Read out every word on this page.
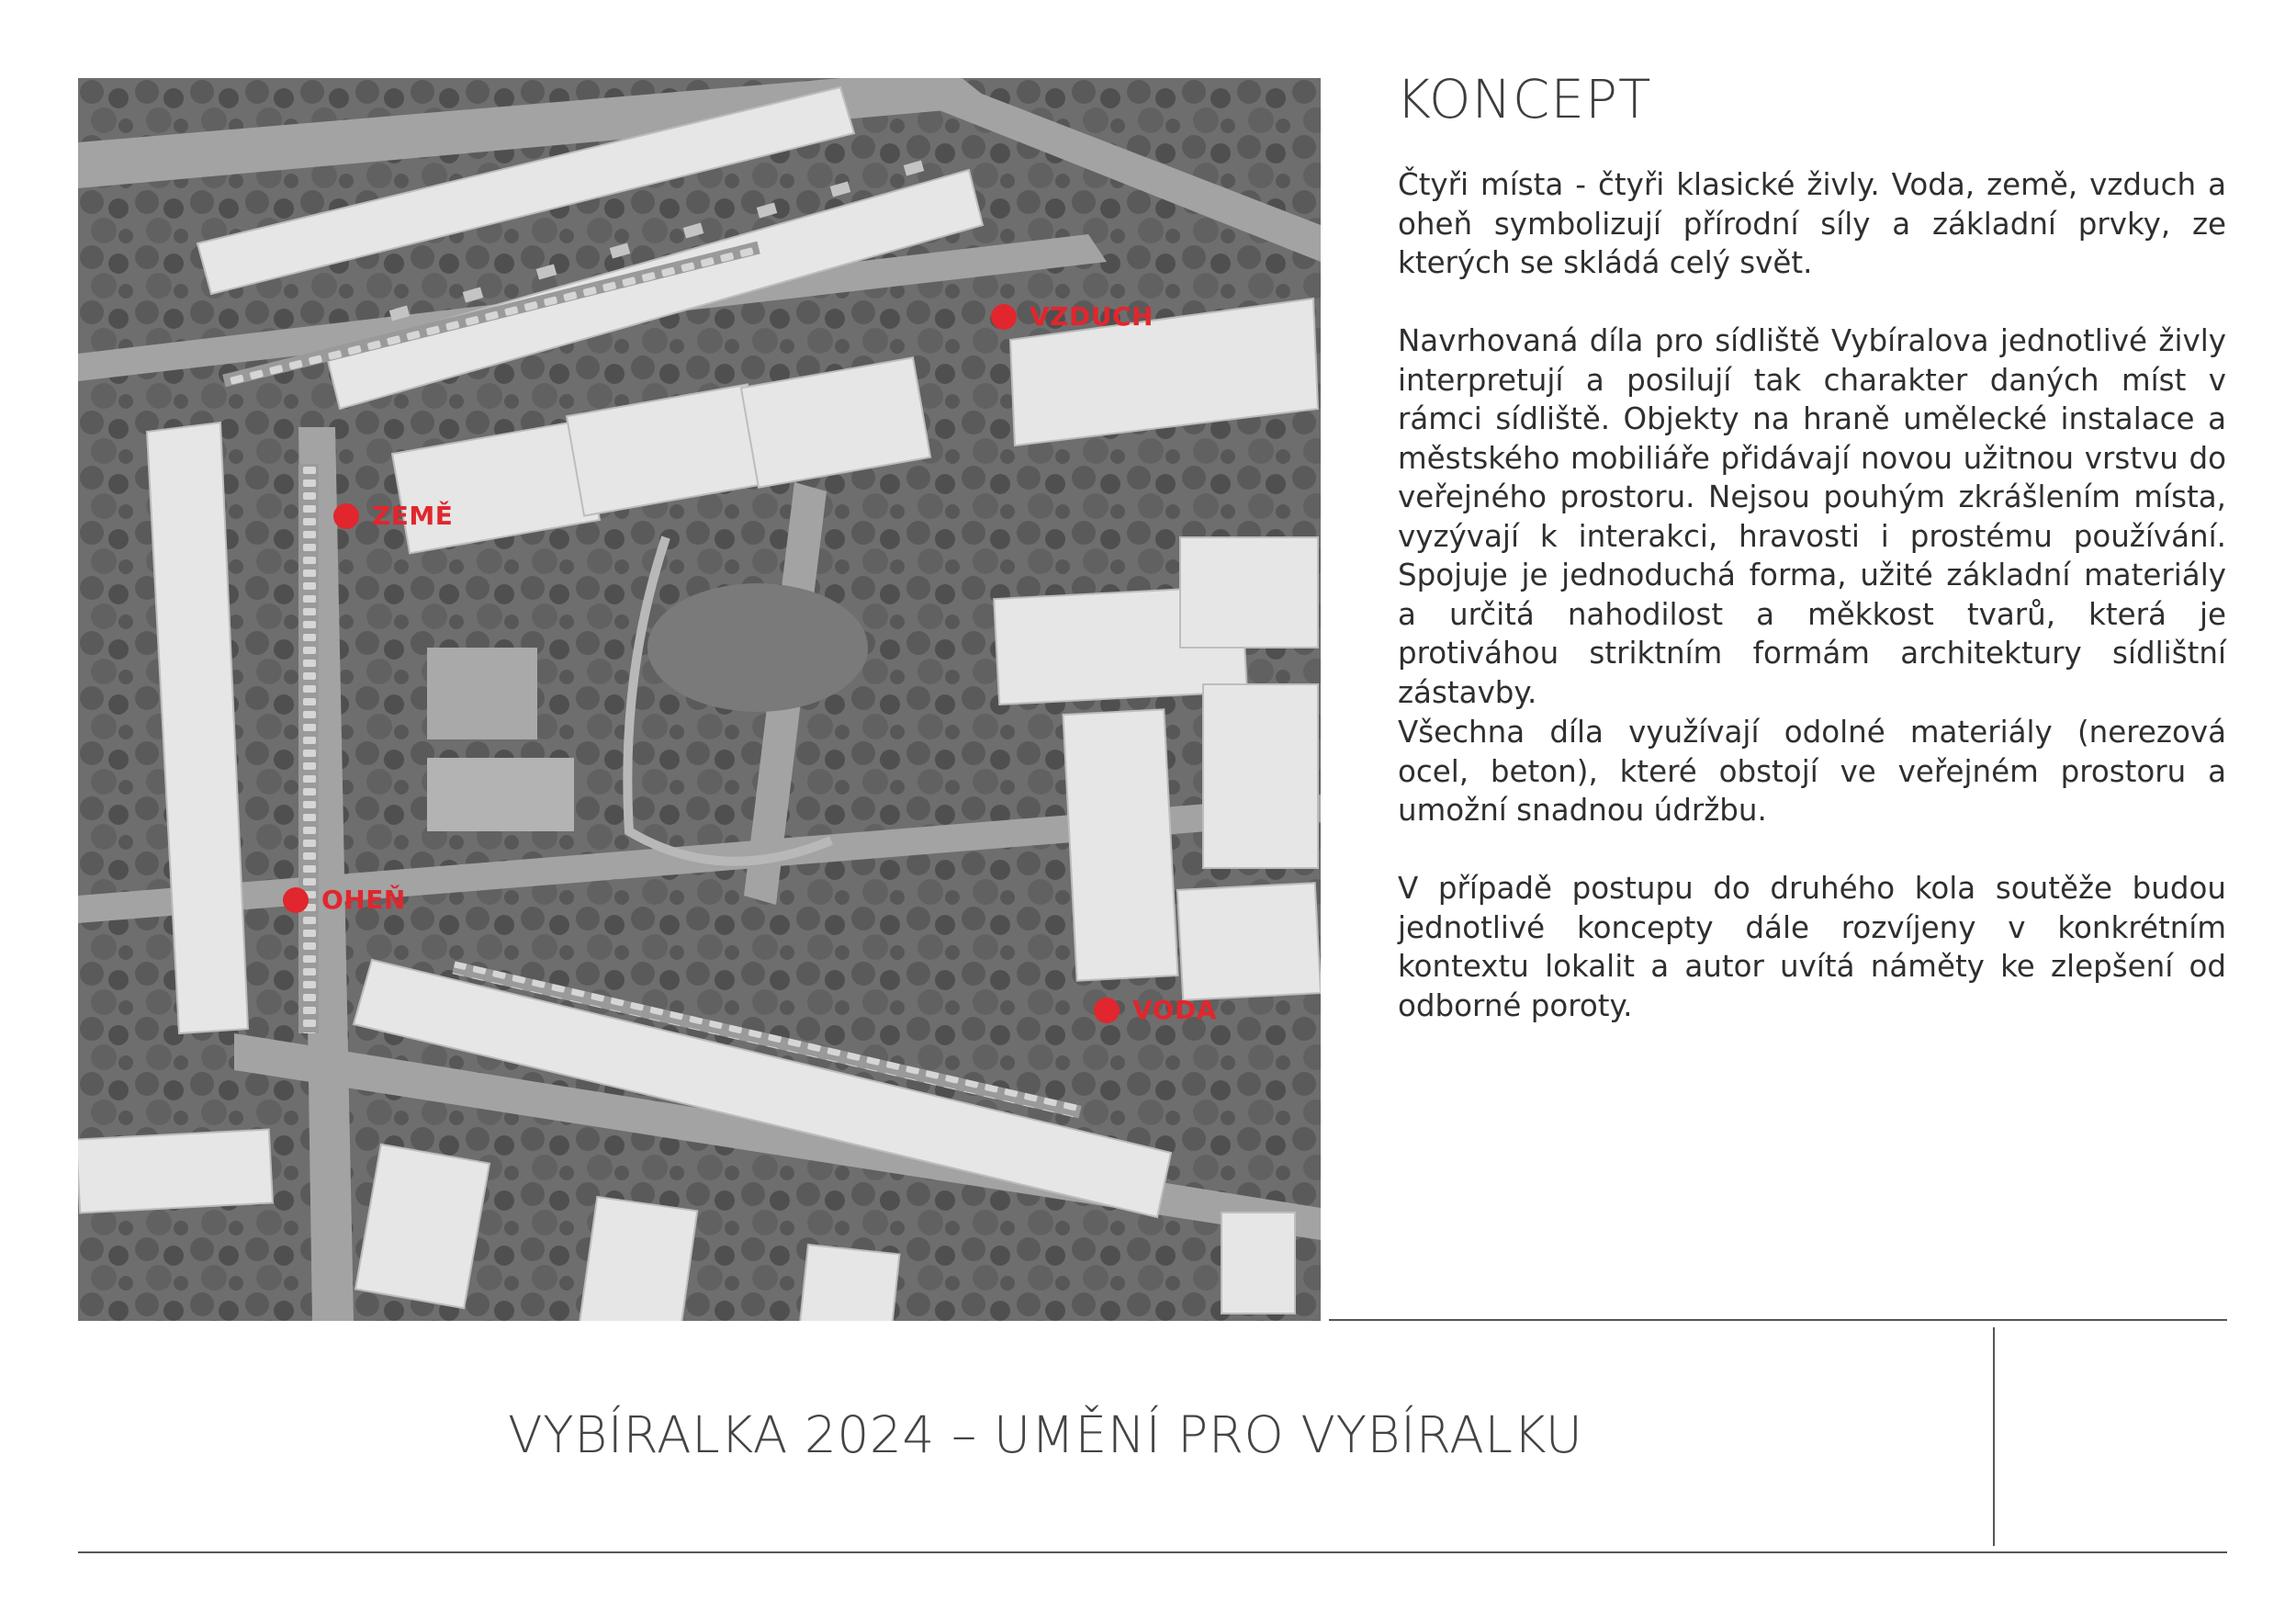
VZDUCH
ZEMĚ
OHEŇ
VODA
KONCEPT

Čtyři místa - čtyři klasické živly. Voda, země, vzduch a oheň symbolizují přírodní síly a základní prvky, ze kterých se skládá celý svět.

Navrhovaná díla pro sídliště Vybíralova jednotlivé živly interpretují a posilují tak charakter daných míst v rámci sídliště. Objekty na hraně umělecké instalace a městského mobiliáře přidávají novou užitnou vrstvu do veřejného prostoru. Nejsou pouhým zkrášlením místa, vyzývají k interakci, hravosti i prostému používání. Spojuje je jednoduchá forma, užité základní materiály a určitá nahodilost a měkkost tvarů, která je protiváhou striktním formám architektury sídlištní zástavby.

Všechna díla využívají odolné materiály (nerezová ocel, beton), které obstojí ve veřejném prostoru a umožní snadnou údržbu.

V případě postupu do druhého kola soutěže budou jednotlivé koncepty dále rozvíjeny v konkrétním kontextu lokalit a autor uvítá náměty ke zlepšení od odborné poroty.

VYBÍRALKA 2024 – UMĚNÍ PRO VYBÍRALKU
